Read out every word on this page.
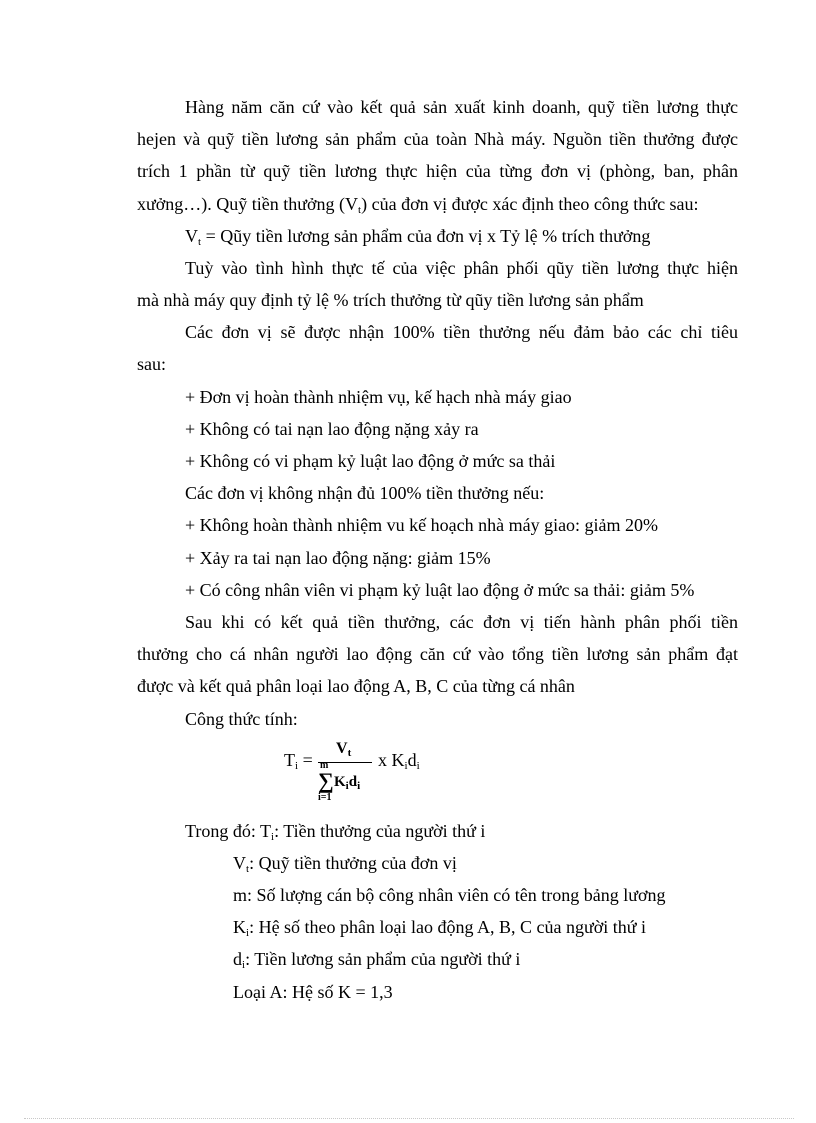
Hàng năm căn cứ vào kết quả sản xuất kinh doanh, quỹ tiền lương thực
hejen và quỹ tiền lương sản phẩm của toàn Nhà máy. Nguồn tiền thưởng được
trích 1 phần từ quỹ tiền lương thực hiện của từng đơn vị (phòng, ban, phân
xưởng…). Quỹ tiền thưởng $(V_t)$ của đơn vị được xác định theo công thức sau:
$V_t$ = Qũy tiền lương sản phẩm của đơn vị x Tỷ lệ % trích thưởng
Tuỳ vào tình hình thực tế của việc phân phối qũy tiền lương thực hiện
mà nhà máy quy định tỷ lệ % trích thưởng từ qũy tiền lương sản phẩm
Các đơn vị sẽ được nhận 100% tiền thưởng nếu đảm bảo các chỉ tiêu
sau:
+ Đơn vị hoàn thành nhiệm vụ, kế hạch nhà máy giao
+ Không có tai nạn lao động nặng xảy ra
+ Không có vi phạm kỷ luật lao động ở mức sa thải
Các đơn vị không nhận đủ 100% tiền thưởng nếu:
+ Không hoàn thành nhiệm vu kế hoạch nhà máy giao: giảm 20%
+ Xảy ra tai nạn lao động nặng: giảm 15%
+ Có công nhân viên vi phạm kỷ luật lao động ở mức sa thải: giảm 5%
Sau khi có kết quả tiền thưởng, các đơn vị tiến hành phân phối tiền
thưởng cho cá nhân người lao động căn cứ vào tổng tiền lương sản phẩm đạt
được và kết quả phân loại lao động A, B, C của từng cá nhân
Công thức tính:
$T_i$ =
$V_t$
m
∑
i=1
$K_id_i$
x $K_id_i$
Trong đó: $T_i$: Tiền thưởng của người thứ i
$V_t$: Quỹ tiền thưởng của đơn vị
m: Số lượng cán bộ công nhân viên có tên trong bảng lương
$K_i$: Hệ số theo phân loại lao động A, B, C của người thứ i
$d_i$: Tiền lương sản phẩm của người thứ i
Loại A: Hệ số K = 1,3
